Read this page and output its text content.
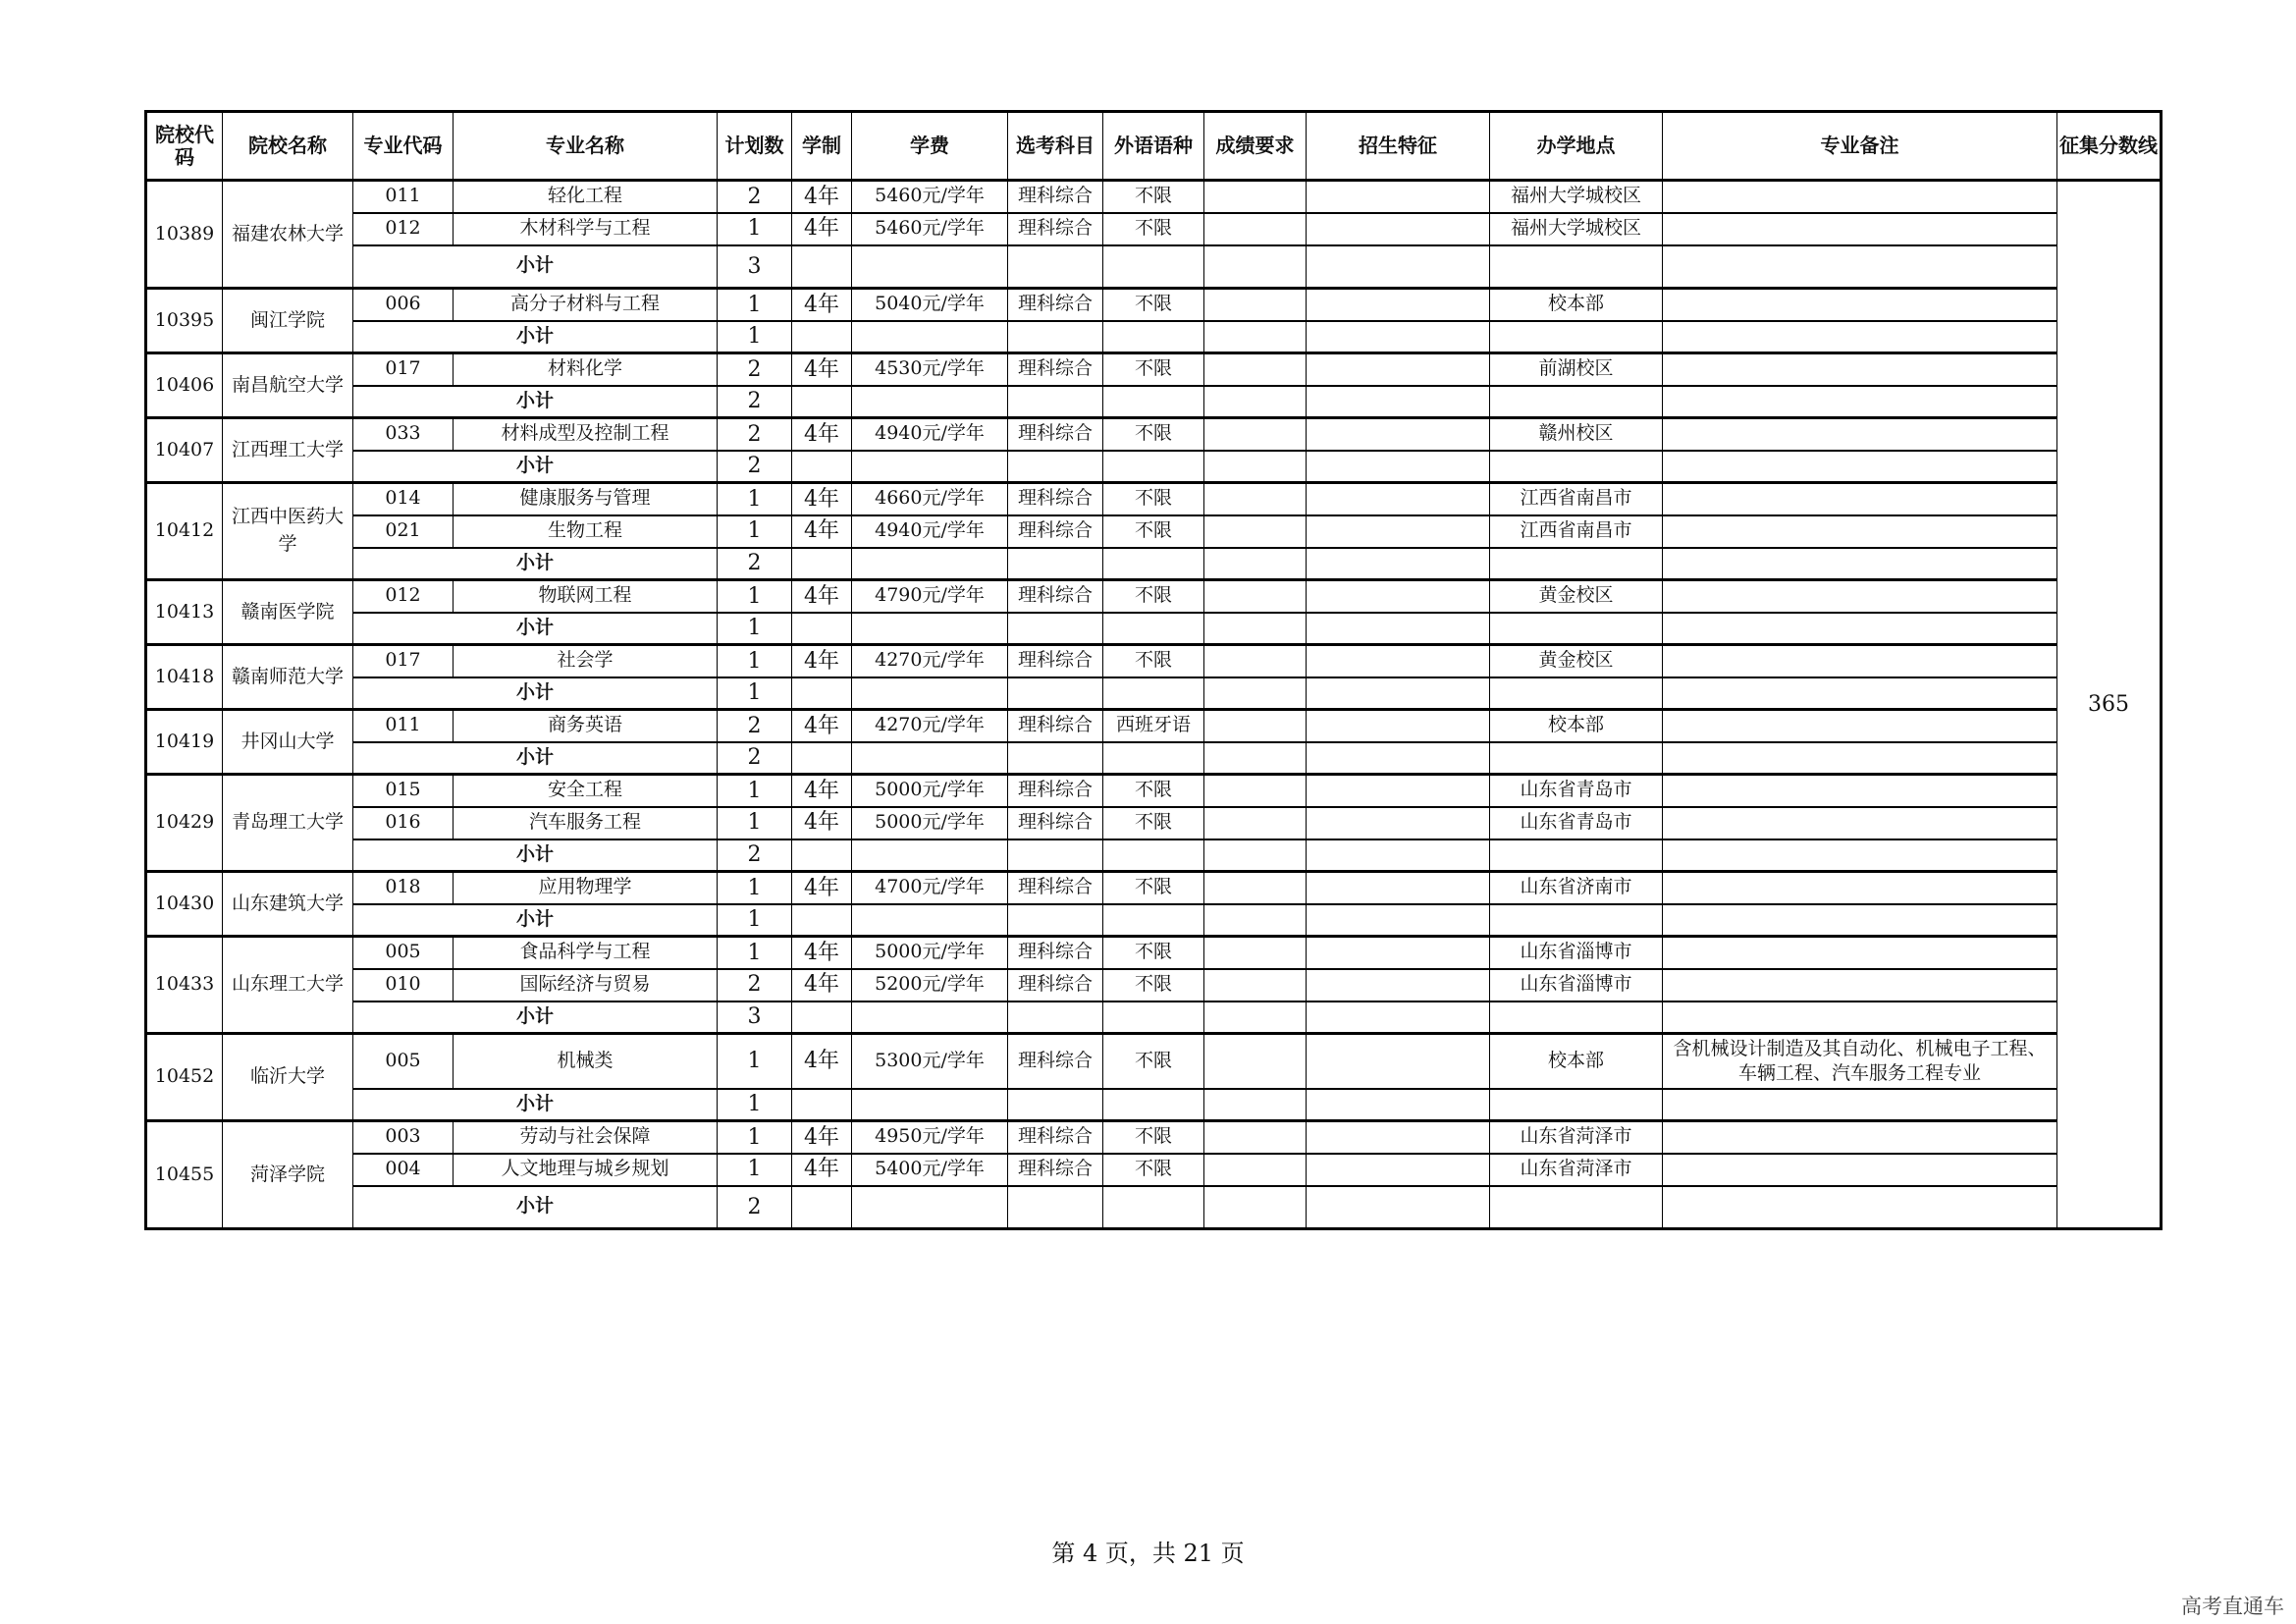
院校代码	院校名称	专业代码	专业名称	计划数	学制	学费	选考科目	外语语种	成绩要求	招生特征	办学地点	专业备注	征集分数线
10389	福建农林大学	011	轻化工程	2	4年	5460元/学年	理科综合	不限			福州大学城校区		365
		012	木材科学与工程	1	4年	5460元/学年	理科综合	不限			福州大学城校区		
		小计		3									
10395	闽江学院	006	高分子材料与工程	1	4年	5040元/学年	理科综合	不限			校本部		
		小计		1									
10406	南昌航空大学	017	材料化学	2	4年	4530元/学年	理科综合	不限			前湖校区		
		小计		2									
10407	江西理工大学	033	材料成型及控制工程	2	4年	4940元/学年	理科综合	不限			赣州校区		
		小计		2									
10412	江西中医药大学	014	健康服务与管理	1	4年	4660元/学年	理科综合	不限			江西省南昌市		
		021	生物工程	1	4年	4940元/学年	理科综合	不限			江西省南昌市		
		小计		2									
10413	赣南医学院	012	物联网工程	1	4年	4790元/学年	理科综合	不限			黄金校区		
		小计		1									
10418	赣南师范大学	017	社会学	1	4年	4270元/学年	理科综合	不限			黄金校区		
		小计		1									
10419	井冈山大学	011	商务英语	2	4年	4270元/学年	理科综合	西班牙语			校本部		
		小计		2									
10429	青岛理工大学	015	安全工程	1	4年	5000元/学年	理科综合	不限			山东省青岛市		
		016	汽车服务工程	1	4年	5000元/学年	理科综合	不限			山东省青岛市		
		小计		2									
10430	山东建筑大学	018	应用物理学	1	4年	4700元/学年	理科综合	不限			山东省济南市		
		小计		1									
10433	山东理工大学	005	食品科学与工程	1	4年	5000元/学年	理科综合	不限			山东省淄博市		
		010	国际经济与贸易	2	4年	5200元/学年	理科综合	不限			山东省淄博市		
		小计		3									
10452	临沂大学	005	机械类	1	4年	5300元/学年	理科综合	不限			校本部	含机械设计制造及其自动化、机械电子工程、车辆工程、汽车服务工程专业	
		小计		1									
10455	菏泽学院	003	劳动与社会保障	1	4年	4950元/学年	理科综合	不限			山东省菏泽市		
		004	人文地理与城乡规划	1	4年	5400元/学年	理科综合	不限			山东省菏泽市		
		小计		2									
第 4 页，共 21 页
高考直通车
